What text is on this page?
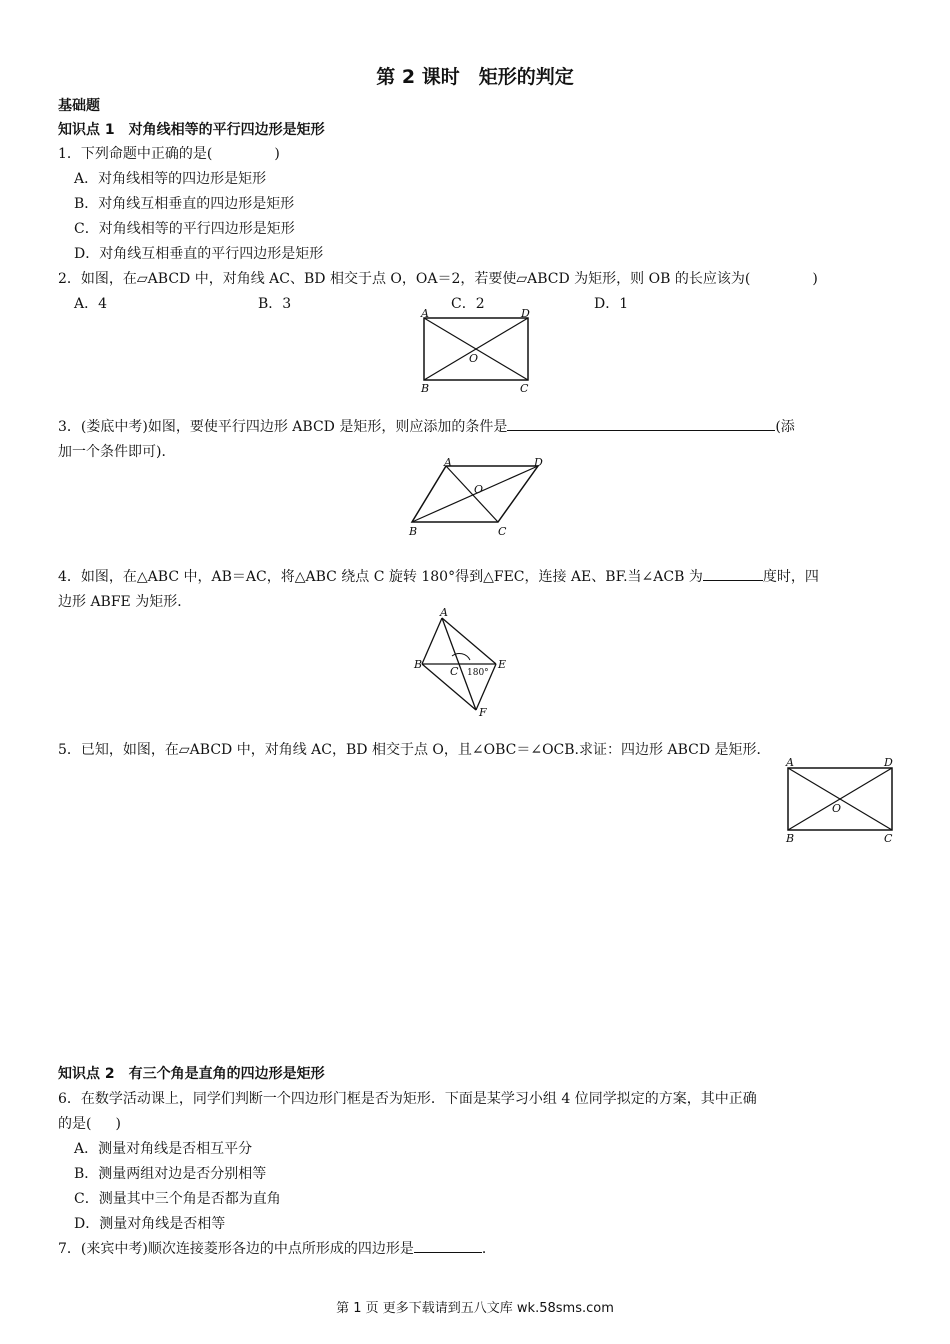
第 2 课时　矩形的判定
基础题
知识点 1　对角线相等的平行四边形是矩形
1．下列命题中正确的是(	)
A．对角线相等的四边形是矩形
B．对角线互相垂直的四边形是矩形
C．对角线相等的平行四边形是矩形
D．对角线互相垂直的平行四边形是矩形
2．如图，在▱ABCD 中，对角线 AC、BD 相交于点 O，OA＝2，若要使▱ABCD 为矩形，则 OB 的长应该为(	)
A．4	B．3	C．2	D．1
A	D
B	C
O
3．(娄底中考)如图，要使平行四边形 ABCD 是矩形，则应添加的条件是	(添
加一个条件即可)．
A	D
B	C
O
4．如图，在△ABC 中，AB＝AC，将△ABC 绕点 C 旋转 180°得到△FEC，连接 AE、BF.当∠ACB 为	度时，四
边形 ABFE 为矩形．
A
B
C
E
F
180°
5．已知，如图，在▱ABCD 中，对角线 AC，BD 相交于点 O，且∠OBC＝∠OCB.求证：四边形 ABCD 是矩形．
A	D
B	C
O
知识点 2　有三个角是直角的四边形是矩形
6．在数学活动课上，同学们判断一个四边形门框是否为矩形．下面是某学习小组 4 位同学拟定的方案，其中正确
的是( )
A．测量对角线是否相互平分
B．测量两组对边是否分别相等
C．测量其中三个角是否都为直角
D．测量对角线是否相等
7．(来宾中考)顺次连接菱形各边的中点所形成的四边形是	．
第 1 页 更多下载请到五八文库 wk.58sms.com
